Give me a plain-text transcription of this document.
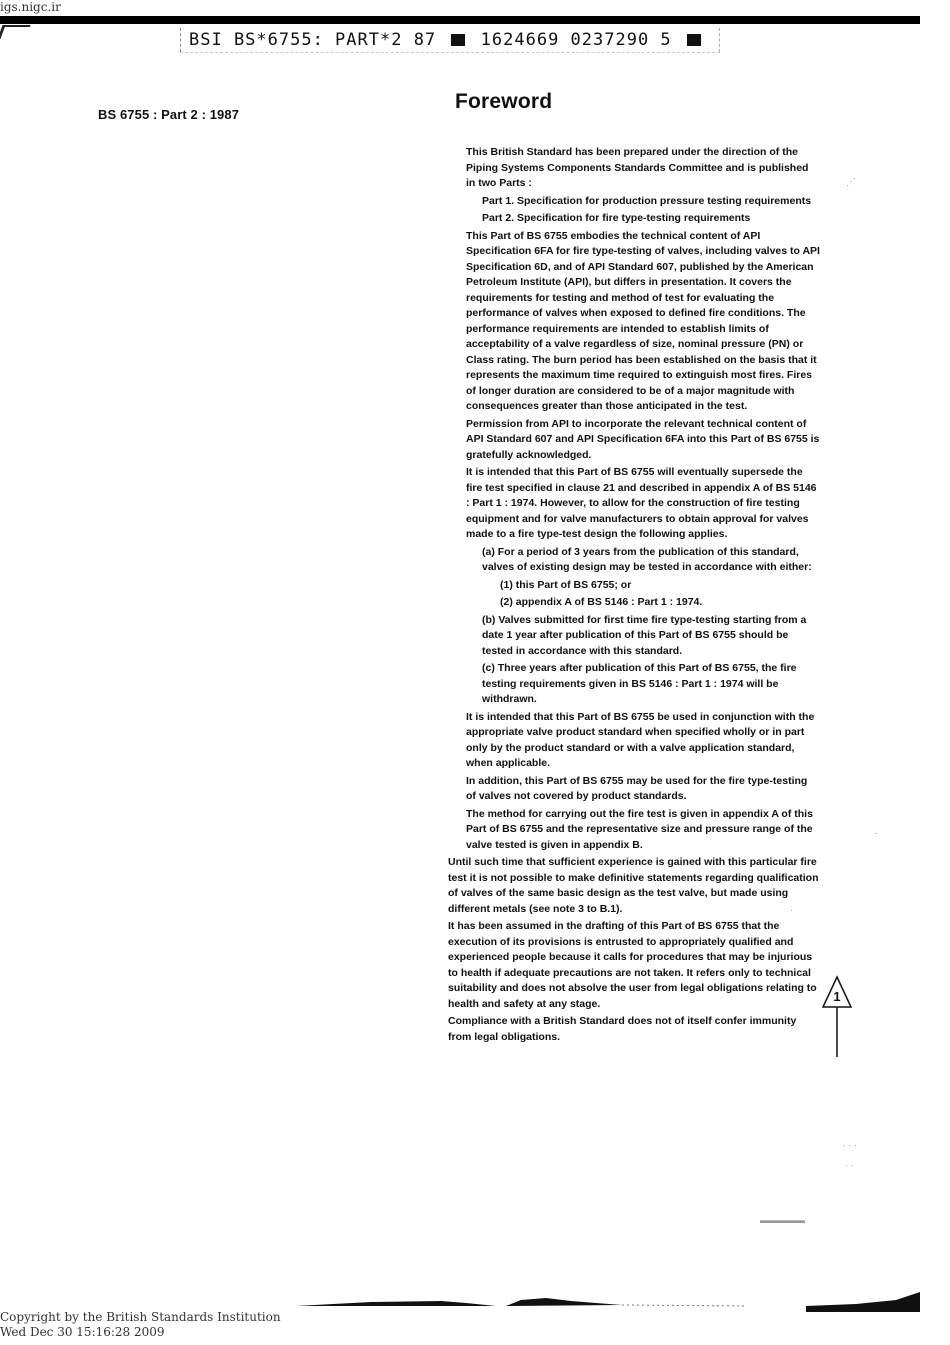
igs.nigc.ir
BSI BS*6755: PART*2 87	1624669 0237290 5
BS 6755 : Part 2 : 1987
Foreword

This British Standard has been prepared under the direction of the Piping Systems Components Standards Committee and is published in two Parts :

Part 1. Specification for production pressure testing requirements

Part 2. Specification for fire type-testing requirements

This Part of BS 6755 embodies the technical content of API Specification 6FA for fire type-testing of valves, including valves to API Specification 6D, and of API Standard 607, published by the American Petroleum Institute (API), but differs in presentation. It covers the requirements for testing and method of test for evaluating the performance of valves when exposed to defined fire conditions. The performance requirements are intended to establish limits of acceptability of a valve regardless of size, nominal pressure (PN) or Class rating. The burn period has been established on the basis that it represents the maximum time required to extinguish most fires. Fires of longer duration are considered to be of a major magnitude with consequences greater than those anticipated in the test.

Permission from API to incorporate the relevant technical content of API Standard 607 and API Specification 6FA into this Part of BS 6755 is gratefully acknowledged.

It is intended that this Part of BS 6755 will eventually supersede the fire test specified in clause 21 and described in appendix A of BS 5146 : Part 1 : 1974. However, to allow for the construction of fire testing equipment and for valve manufacturers to obtain approval for valves made to a fire type-test design the following applies.

(a) For a period of 3 years from the publication of this standard, valves of existing design may be tested in accordance with either:

(1) this Part of BS 6755; or

(2) appendix A of BS 5146 : Part 1 : 1974.

(b) Valves submitted for first time fire type-testing starting from a date 1 year after publication of this Part of BS 6755 should be tested in accordance with this standard.

(c) Three years after publication of this Part of BS 6755, the fire testing requirements given in BS 5146 : Part 1 : 1974 will be withdrawn.

It is intended that this Part of BS 6755 be used in conjunction with the appropriate valve product standard when specified wholly or in part only by the product standard or with a valve application standard, when applicable.

In addition, this Part of BS 6755 may be used for the fire type-testing of valves not covered by product standards.

The method for carrying out the fire test is given in appendix A of this Part of BS 6755 and the representative size and pressure range of the valve tested is given in appendix B.

Until such time that sufficient experience is gained with this particular fire test it is not possible to make definitive statements regarding qualification of valves of the same basic design as the test valve, but made using different metals (see note 3 to B.1).

It has been assumed in the drafting of this Part of BS 6755 that the execution of its provisions is entrusted to appropriately qualified and experienced people because it calls for procedures that may be injurious to health if adequate precautions are not taken. It refers only to technical suitability and does not absolve the user from legal obligations relating to health and safety at any stage.

Compliance with a British Standard does not of itself confer immunity from legal obligations.

1
⋰
·
-
· · ·
· ·
▬▬▬▬▬
Copyright by the British Standards Institution
Wed Dec 30 15:16:28 2009
